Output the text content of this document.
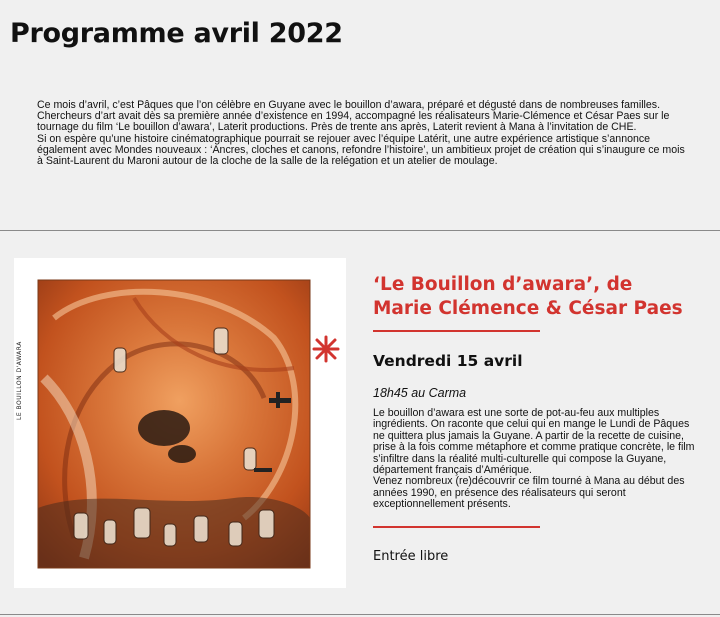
Programme avril 2022

Ce mois d’avril, c’est Pâques que l’on célèbre en Guyane avec le bouillon d’awara, préparé et dégusté dans de nombreuses familles. Chercheurs d’art avait dès sa première année d’existence en 1994, accompagné les réalisateurs Marie-Clémence et César Paes sur le tournage du film ‘Le bouillon d’awara’, Laterit productions. Près de trente ans après, Laterit revient à Mana à l’invitation de CHE.

Si on espère qu’une histoire cinématographique pourrait se rejouer avec l’équipe Latérit, une autre expérience artistique s’annonce également avec Mondes nouveaux : ‘Ancres, cloches et canons, refondre l’histoire’, un ambitieux projet de création qui s’inaugure ce mois à Saint-Laurent du Maroni autour de la cloche de la salle de la relégation et un atelier de moulage.

LE BOUILLON D'AWARA
‘Le Bouillon d’awara’, de Marie Clémence & César Paes
Vendredi 15 avril
18h45 au Carma

Le bouillon d’awara est une sorte de pot-au-feu aux multiples ingrédients. On raconte que celui qui en mange le Lundi de Pâques ne quittera plus jamais la Guyane. A partir de la recette de cuisine, prise à la fois comme métaphore et comme pratique concrète, le film s’infiltre dans la réalité multi-culturelle qui compose la Guyane, département français d’Amérique.

Venez nombreux (re)découvrir ce film tourné à Mana au début des années 1990, en présence des réalisateurs qui seront exceptionnellement présents.

Entrée libre
